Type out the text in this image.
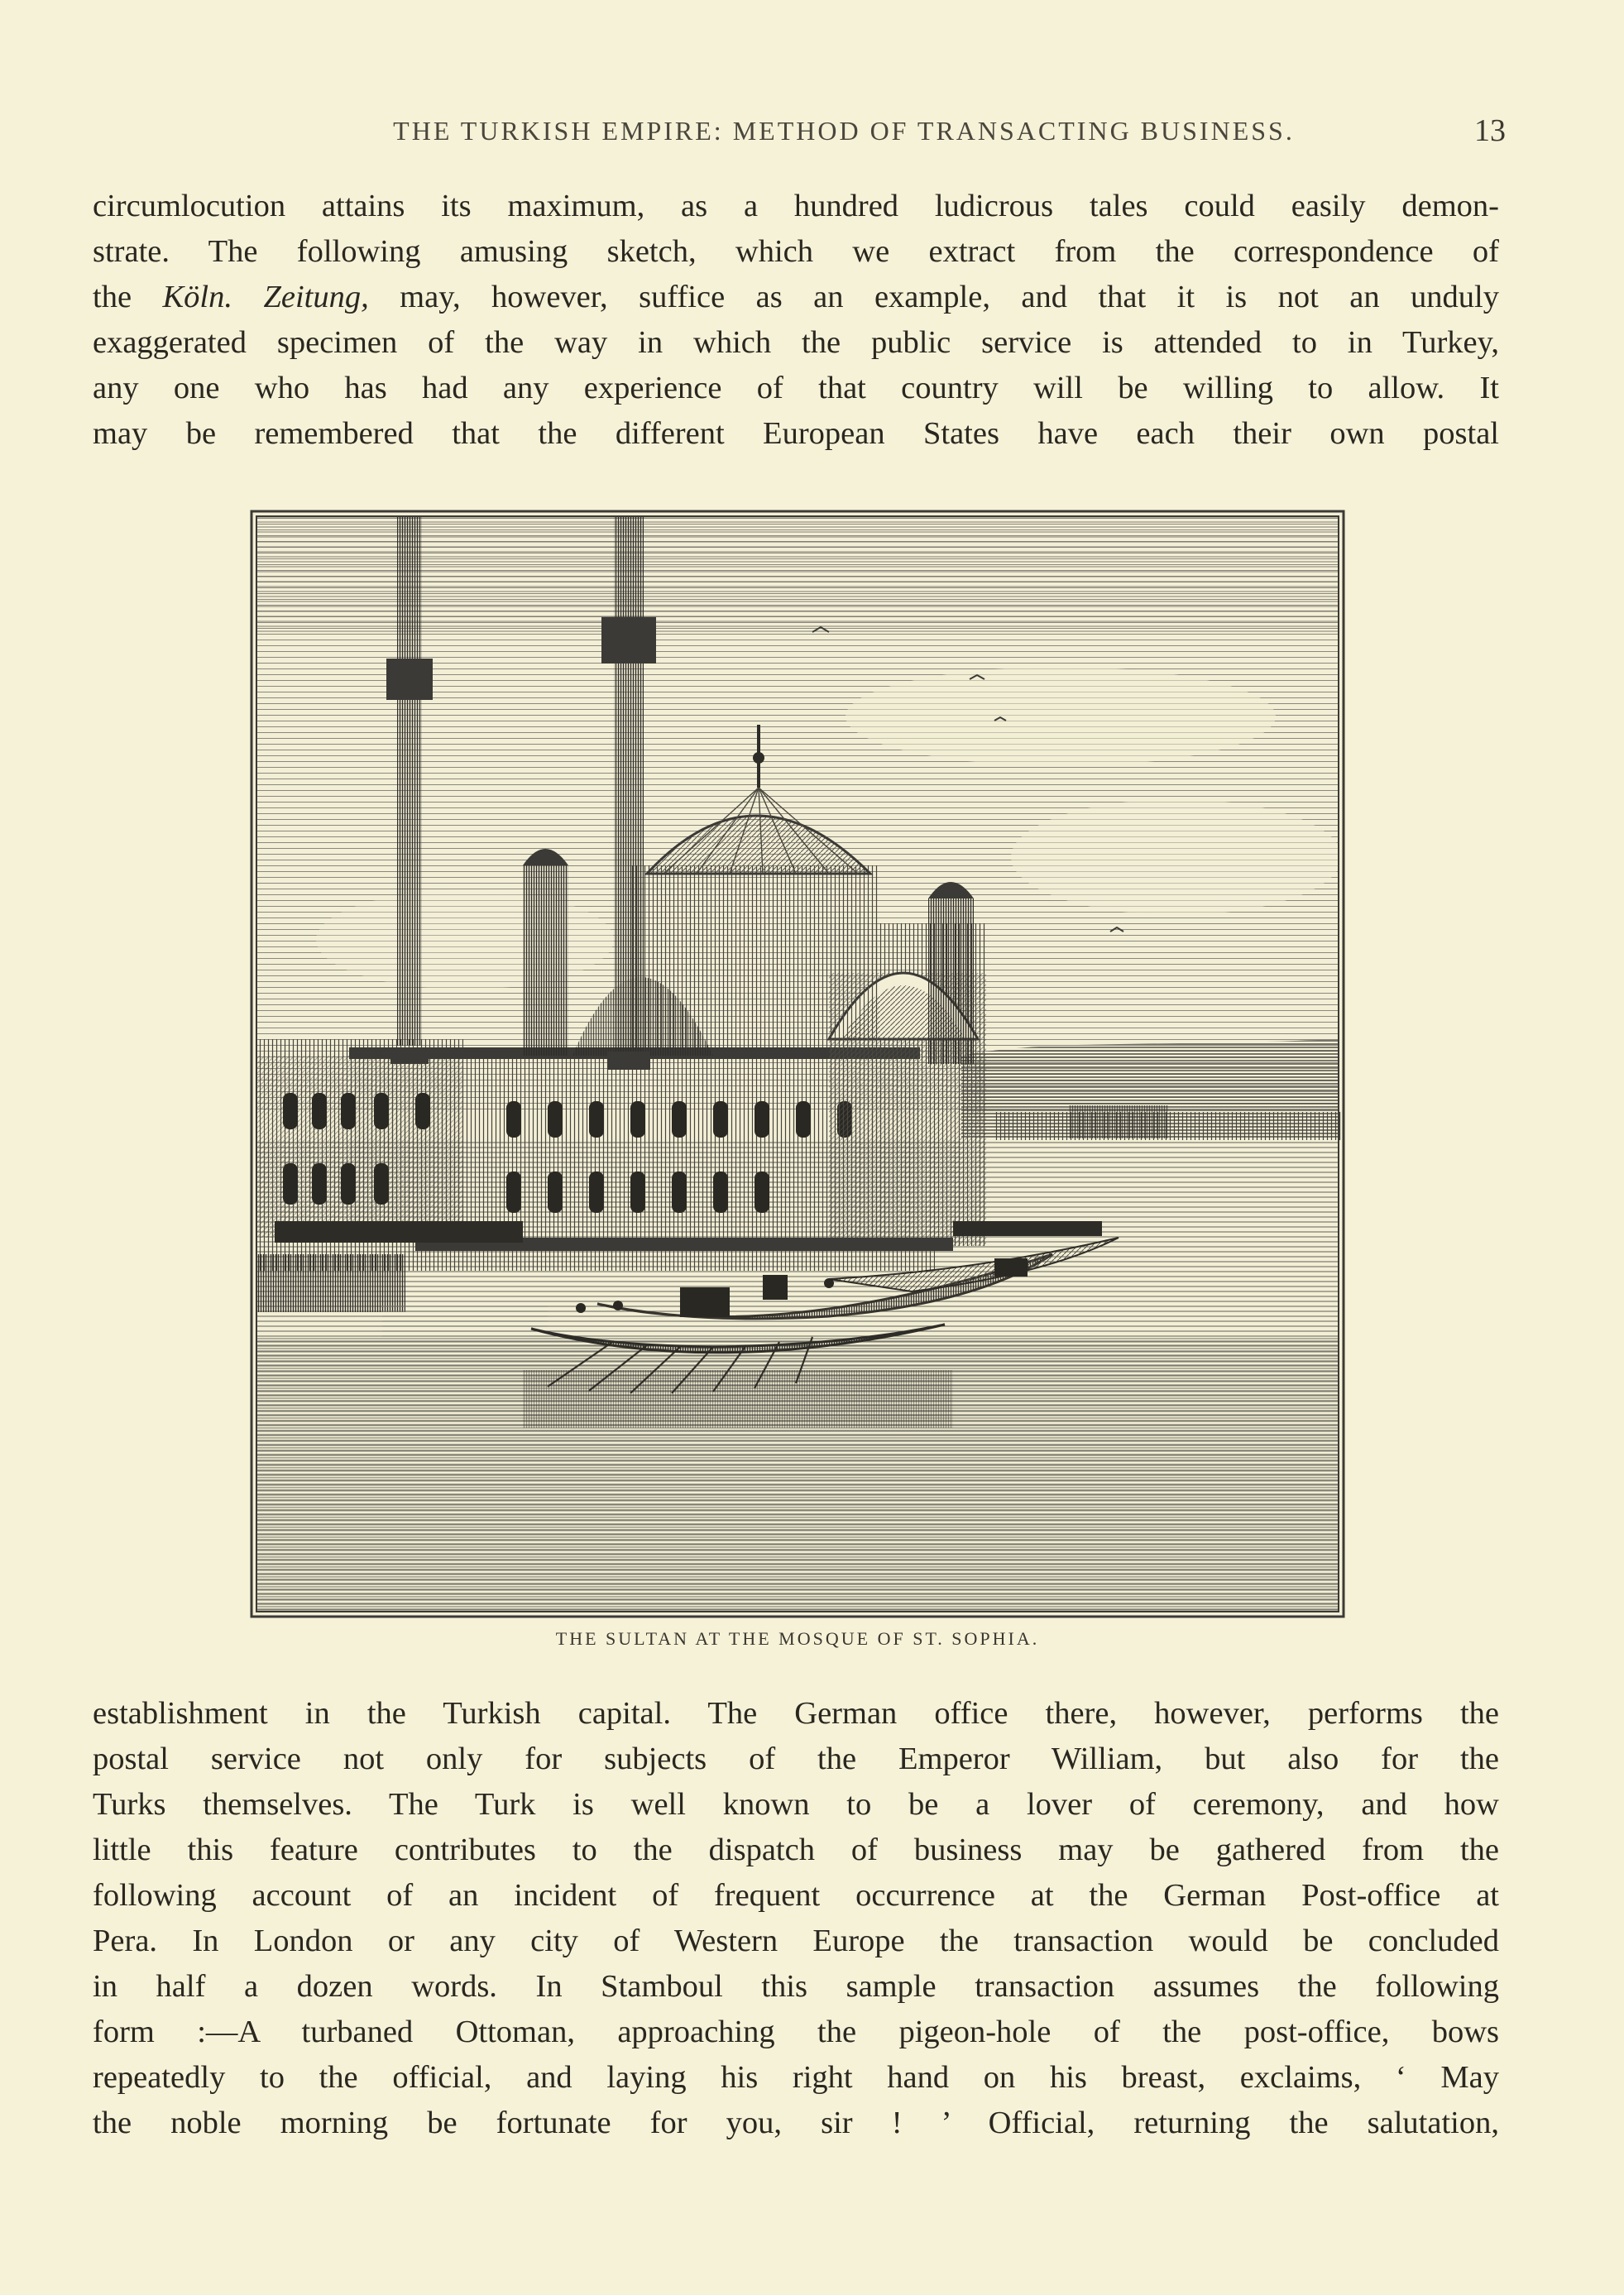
THE TURKISH EMPIRE: METHOD OF TRANSACTING BUSINESS.	13
circumlocution attains its maximum, as a hundred ludicrous tales could easily demon-
strate. The following amusing sketch, which we extract from the correspondence of
the Köln. Zeitung, may, however, suffice as an example, and that it is not an unduly
exaggerated specimen of the way in which the public service is attended to in Turkey,
any one who has had any experience of that country will be willing to allow. It
may be remembered that the different European States have each their own postal
THE SULTAN AT THE MOSQUE OF ST. SOPHIA.
establishment in the Turkish capital. The German office there, however, performs the
postal service not only for subjects of the Emperor William, but also for the
Turks themselves. The Turk is well known to be a lover of ceremony, and how
little this feature contributes to the dispatch of business may be gathered from the
following account of an incident of frequent occurrence at the German Post-office at
Pera. In London or any city of Western Europe the transaction would be concluded
in half a dozen words. In Stamboul this sample transaction assumes the following
form :—A turbaned Ottoman, approaching the pigeon-hole of the post-office, bows
repeatedly to the official, and laying his right hand on his breast, exclaims, ‘ May
the noble morning be fortunate for you, sir ! ’ Official, returning the salutation,
